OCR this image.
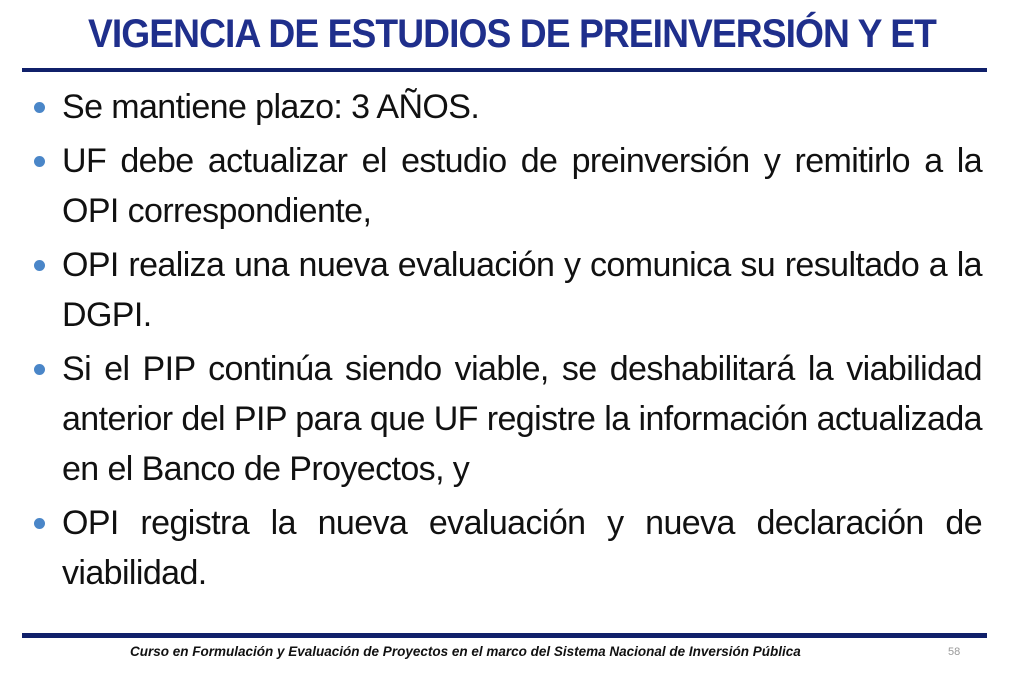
VIGENCIA DE ESTUDIOS DE PREINVERSIÓN Y ET
Se mantiene plazo: 3 AÑOS.
UF debe actualizar el estudio de preinversión y remitirlo a la OPI correspondiente,
OPI realiza una nueva evaluación y comunica su resultado a la DGPI.
Si el PIP continúa siendo viable, se deshabilitará la viabilidad anterior del PIP para que UF registre la información actualizada en el Banco de Proyectos, y
OPI registra la nueva evaluación y nueva declaración de viabilidad.
Curso en Formulación y Evaluación de Proyectos en el marco del Sistema Nacional de Inversión Pública	58
